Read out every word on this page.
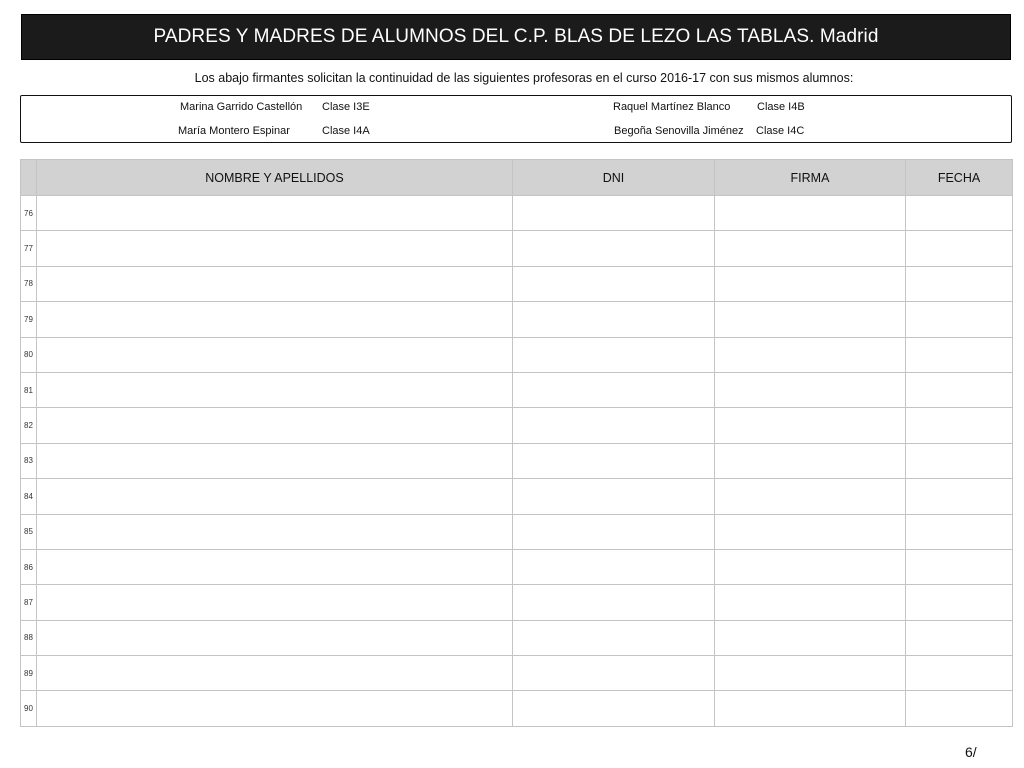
PADRES Y MADRES DE ALUMNOS DEL C.P. BLAS DE LEZO LAS TABLAS. Madrid
Los abajo firmantes solicitan la continuidad de las siguientes profesoras en el curso 2016-17 con sus mismos alumnos:
Marina Garrido Castellón Clase I3E	Raquel Martínez Blanco Clase I4B
María Montero Espinar	Clase I4A	Begoña Senovilla Jiménez Clase I4C
	NOMBRE Y APELLIDOS	DNI	FIRMA	FECHA
76				
77				
78				
79				
80				
81				
82				
83				
84				
85				
86				
87				
88				
89				
90				
6/
